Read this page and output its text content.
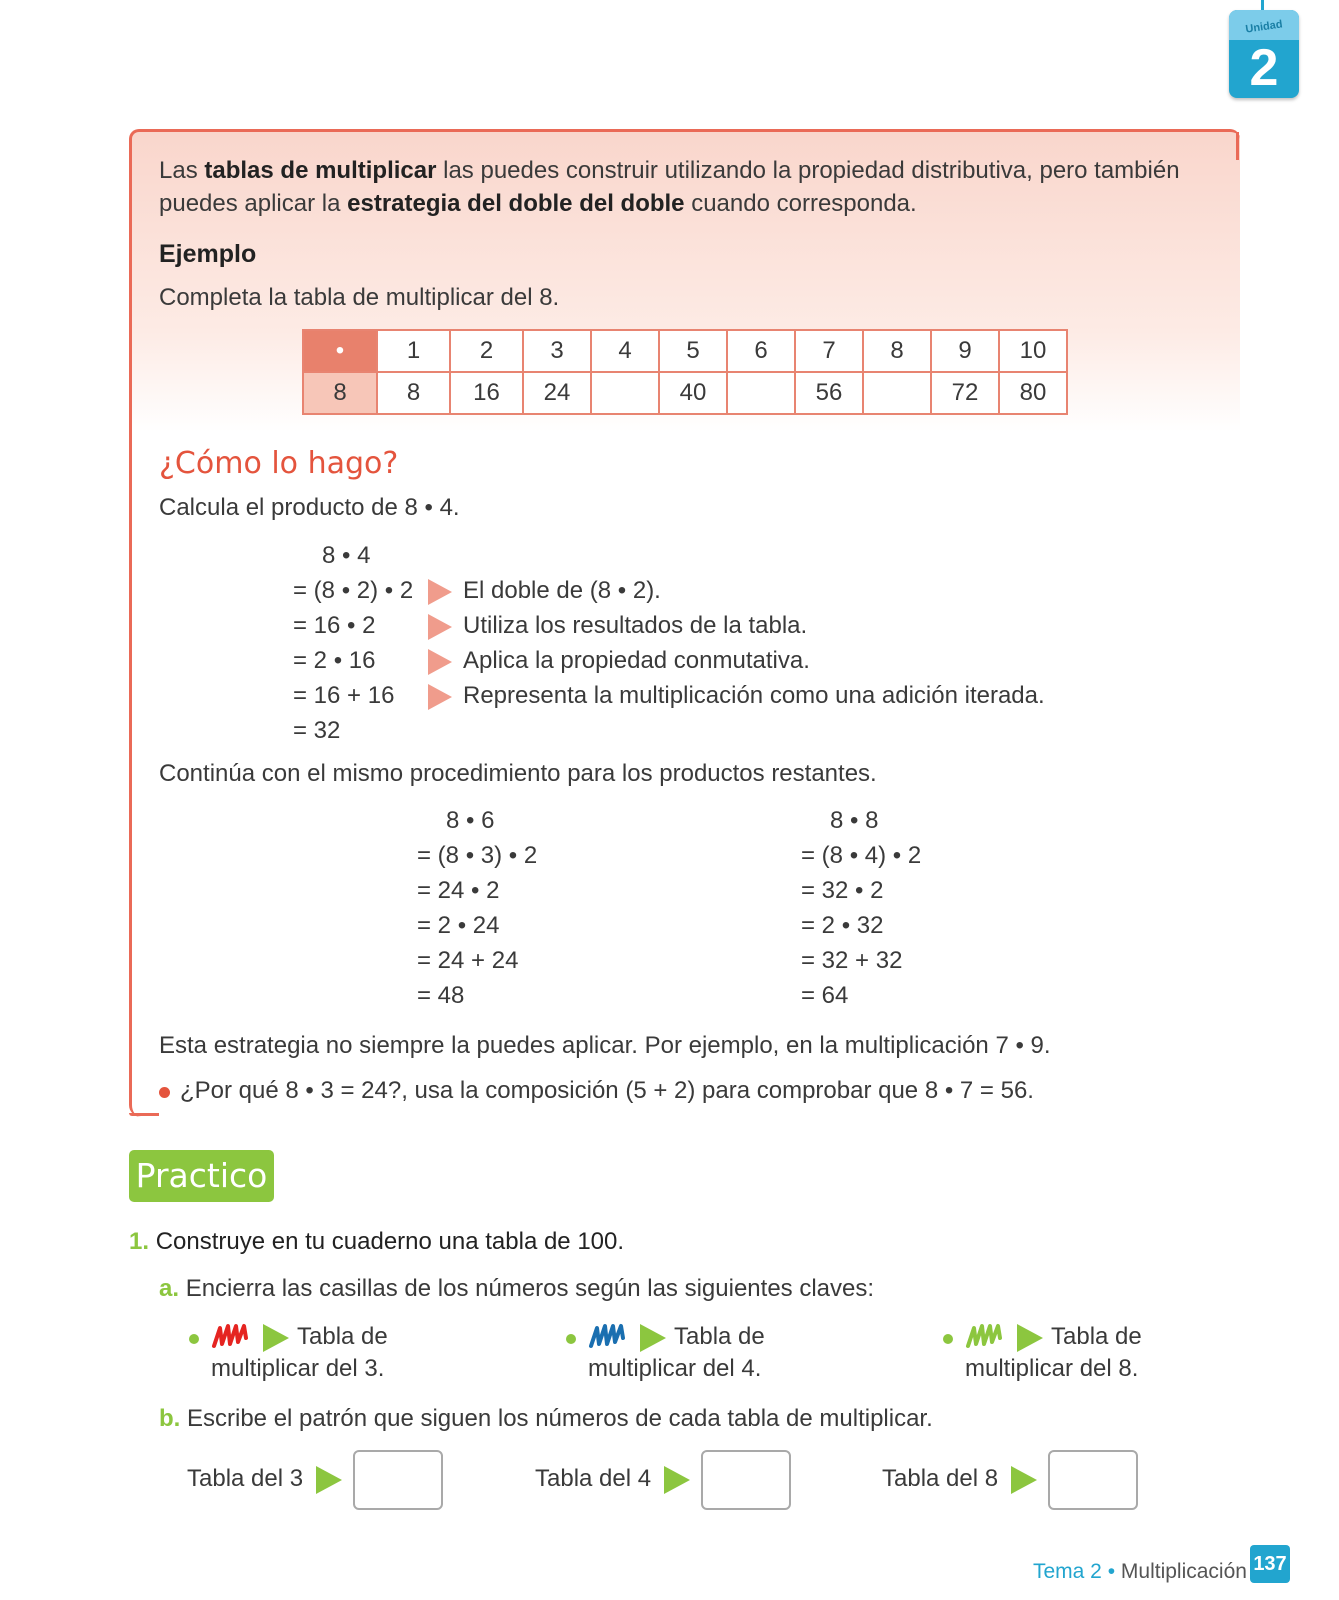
Unidad
2
Las tablas de multiplicar las puedes construir utilizando la propiedad distributiva, pero también
puedes aplicar la estrategia del doble del doble cuando corresponda.
Ejemplo
Completa la tabla de multiplicar del 8.
•	1	2	3	4	5	6	7	8	9	10
8	8	16	24		40		56		72	80
¿Cómo lo hago?
Calcula el producto de 8 • 4.
8 • 4
= (8 • 2) • 2
= 16 • 2
= 2 • 16
= 16 + 16
= 32
El doble de (8 • 2).
Utiliza los resultados de la tabla.
Aplica la propiedad conmutativa.
Representa la multiplicación como una adición iterada.
Continúa con el mismo procedimiento para los productos restantes.
8 • 6
= (8 • 3) • 2
= 24 • 2
= 2 • 24
= 24 + 24
= 48
8 • 8
= (8 • 4) • 2
= 32 • 2
= 2 • 32
= 32 + 32
= 64
Esta estrategia no siempre la puedes aplicar. Por ejemplo, en la multiplicación 7 • 9.
¿Por qué 8 • 3 = 24?, usa la composición (5 + 2) para comprobar que 8 • 7 = 56.
Practico
1. Construye en tu cuaderno una tabla de 100.
a. Encierra las casillas de los números según las siguientes claves:
Tabla de
multiplicar del 3.
Tabla de
multiplicar del 4.
Tabla de
multiplicar del 8.
b. Escribe el patrón que siguen los números de cada tabla de multiplicar.
Tabla del 3	Tabla del 4	Tabla del 8
Tema 2 • Multiplicación 137
